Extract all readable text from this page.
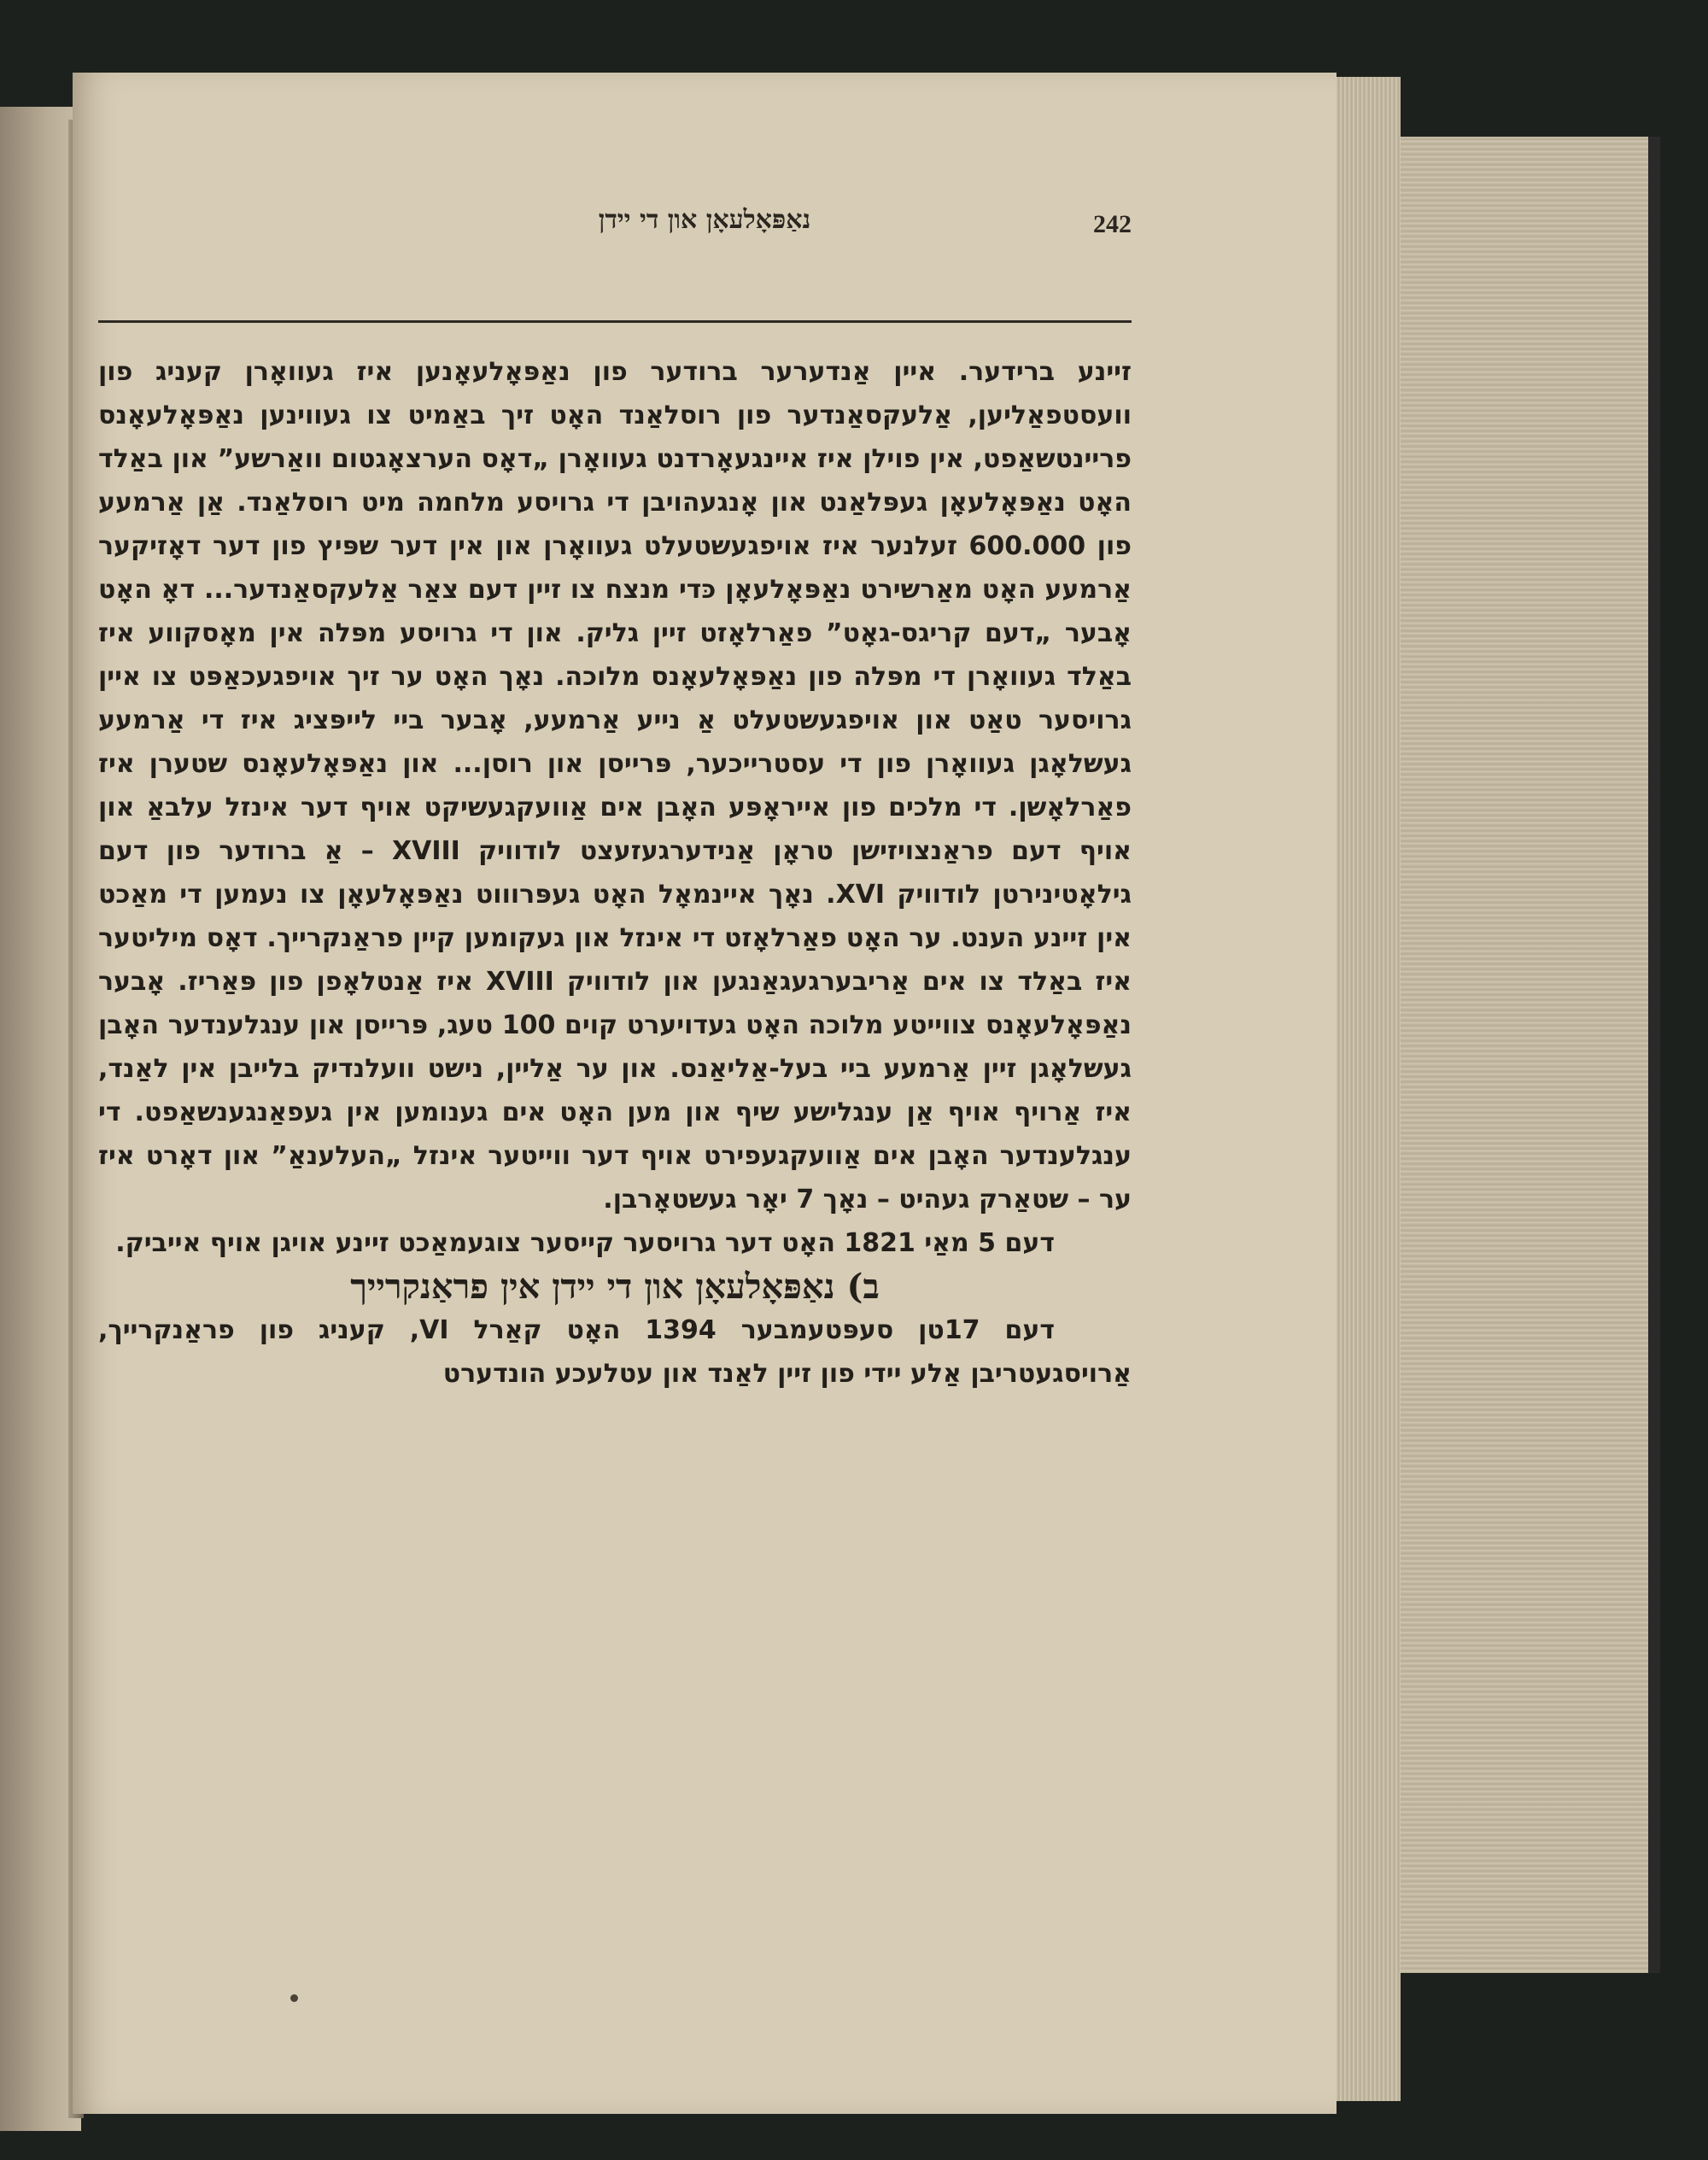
242
נאַפּאָלעאָן און די יידן

זיינע ברידער. איין אַנדערער ברודער פון נאַפּאָלעאָנען איז געוואָרן קעניג פון וועסטפאַליען, אַלעקסאַנדער פון רוסלאַנד האָט זיך באַמיט צו געווינען נאַפּאָלעאָנס פריינטשאַפט, אין פוילן איז איינגעאָרדנט געוואָרן „דאָס הערצאָגטום וואַרשע” און באַלד האָט נאַפּאָלעאָן געפּלאַנט און אָנגעהויבן די גרויסע מלחמה מיט רוסלאַנד. אַן אַרמעע פון 600.000 זעלנער איז אויפגעשטעלט געוואָרן און אין דער שפּיץ פון דער דאָזיקער אַרמעע האָט מאַרשירט נאַפּאָלעאָן כּדי מנצח צו זיין דעם צאַר אַלעקסאַנדער... דאָ האָט אָבער „דעם קריגס-גאָט” פאַרלאָזט זיין גליק. און די גרויסע מפּלה אין מאָסקווע איז באַלד געוואָרן די מפּלה פון נאַפּאָלעאָנס מלוכה. נאָך האָט ער זיך אויפגעכאַפּט צו איין גרויסער טאַט און אויפגעשטעלט אַ נייע אַרמעע, אָבער ביי לייפּציג איז די אַרמעע געשלאָגן געוואָרן פון די עסטרייכער, פּרייסן און רוסן... און נאַפּאָלעאָנס שטערן איז פאַרלאָשן. די מלכים פון אייראָפּע האָבן אים אַוועקגעשיקט אויף דער אינזל עלבאַ און אויף דעם פראַנצויזישן טראָן אַנידערגעזעצט לודוויק XVIII – אַ ברודער פון דעם גילאָטינירטן לודוויק XVI. נאָך איינמאָל האָט געפּרוווט נאַפּאָלעאָן צו נעמען די מאַכט אין זיינע הענט. ער האָט פאַרלאָזט די אינזל און געקומען קיין פראַנקרייך. דאָס מיליטער איז באַלד צו אים אַריבערגעגאַנגען און לודוויק XVIII איז אַנטלאָפן פון פּאַריז. אָבער נאַפּאָלעאָנס צווייטע מלוכה האָט געדויערט קוים 100 טעג, פּרייסן און ענגלענדער האָבן געשלאָגן זיין אַרמעע ביי בעל-אַליאַנס. און ער אַליין, נישט וועלנדיק בלייבן אין לאַנד, איז אַרויף אויף אַן ענגלישע שיף און מען האָט אים גענומען אין געפאַנגענשאַפט. די ענגלענדער האָבן אים אַוועקגעפירט אויף דער ווייטער אינזל „העלענאַ” און דאָרט איז ער – שטאַרק געהיט – נאָך 7 יאָר געשטאָרבן.

דעם 5 מאַי 1821 האָט דער גרויסער קייסער צוגעמאַכט זיינע אויגן אויף אייביק.

ב) נאַפּאָלעאָן און די יידן אין פראַנקרייך

דעם 17טן סעפּטעמבער 1394 האָט קאַרל VI, קעניג פון פראַנקרייך, אַרויסגעטריבן אַלע יידי פון זיין לאַנד און עטלעכע הונדערט
